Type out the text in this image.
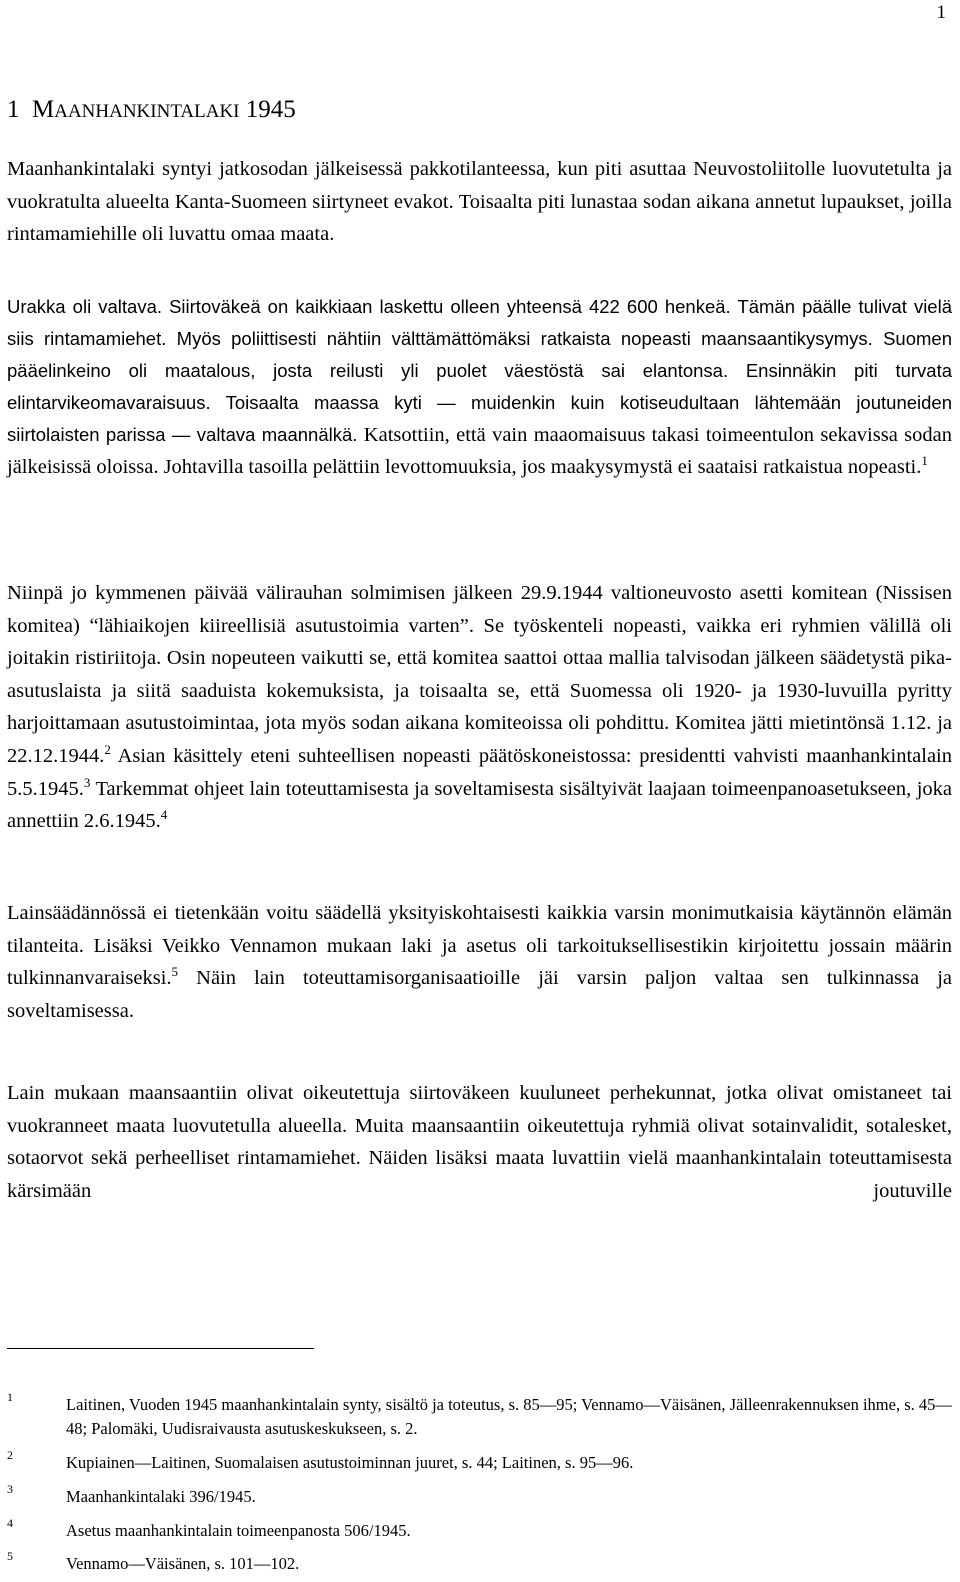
1
1 MAANHANKINTALAKI 1945

Maanhankintalaki syntyi jatkosodan jälkeisessä pakkotilanteessa, kun piti asuttaa Neuvostoliitolle luovutetulta ja vuokratulta alueelta Kanta-Suomeen siirtyneet evakot. Toisaalta piti lunastaa sodan aikana annetut lupaukset, joilla rintamamiehille oli luvattu omaa maata.

Urakka oli valtava. Siirtoväkeä on kaikkiaan laskettu olleen yhteensä 422 600 henkeä. Tämän päälle tulivat vielä siis rintamamiehet. Myös poliittisesti nähtiin välttämättömäksi ratkaista nopeasti maansaantikysymys. Suomen pääelinkeino oli maatalous, josta reilusti yli puolet väestöstä sai elantonsa. Ensinnäkin piti turvata elintarvikeomavaraisuus. Toisaalta maassa kyti — muidenkin kuin kotiseudultaan lähtemään joutuneiden siirtolaisten parissa — valtava maannälkä. Katsottiin, että vain maaomaisuus takasi toimeentulon sekavissa sodan jälkeisissä oloissa. Johtavilla tasoilla pelättiin levottomuuksia, jos maakysymystä ei saataisi ratkaistua nopeasti.$^1$

Niinpä jo kymmenen päivää välirauhan solmimisen jälkeen 29.9.1944 valtioneuvosto asetti komitean (Nissisen komitea) “lähiaikojen kiireellisiä asutustoimia varten”. Se työskenteli nopeasti, vaikka eri ryhmien välillä oli joitakin ristiriitoja. Osin nopeuteen vaikutti se, että komitea saattoi ottaa mallia talvisodan jälkeen säädetystä pika-asutuslaista ja siitä saaduista kokemuksista, ja toisaalta se, että Suomessa oli 1920- ja 1930-luvuilla pyritty harjoittamaan asutustoimintaa, jota myös sodan aikana komiteoissa oli pohdittu. Komitea jätti mietintönsä 1.12. ja 22.12.1944.$^2$ Asian käsittely eteni suhteellisen nopeasti päätöskoneistossa: presidentti vahvisti maanhankintalain 5.5.1945.$^3$ Tarkemmat ohjeet lain toteuttamisesta ja soveltamisesta sisältyivät laajaan toimeenpanoasetukseen, joka annettiin 2.6.1945.$^4$

Lainsäädännössä ei tietenkään voitu säädellä yksityiskohtaisesti kaikkia varsin monimutkaisia käytännön elämän tilanteita. Lisäksi Veikko Vennamon mukaan laki ja asetus oli tarkoituksellisestikin kirjoitettu jossain määrin tulkinnanvaraiseksi.$^5$ Näin lain toteuttamisorganisaatioille jäi varsin paljon valtaa sen tulkinnassa ja soveltamisessa.

Lain mukaan maansaantiin olivat oikeutettuja siirtoväkeen kuuluneet perhekunnat, jotka olivat omistaneet tai vuokranneet maata luovutetulla alueella. Muita maansaantiin oikeutettuja ryhmiä olivat sotainvalidit, sotalesket, sotaorvot sekä perheelliset rintamamiehet. Näiden lisäksi maata luvattiin vielä maanhankintalain toteuttamisesta kärsimään joutuville

1	Laitinen, Vuoden 1945 maanhankintalain synty, sisältö ja toteutus, s. 85—95; Vennamo—Väisänen, Jälleenrakennuksen ihme, s. 45—48; Palomäki, Uudisraivausta asutuskeskukseen, s. 2.
2	Kupiainen—Laitinen, Suomalaisen asutustoiminnan juuret, s. 44; Laitinen, s. 95—96.
3	Maanhankintalaki 396/1945.
4	Asetus maanhankintalain toimeenpanosta 506/1945.
5	Vennamo—Väisänen, s. 101—102.
